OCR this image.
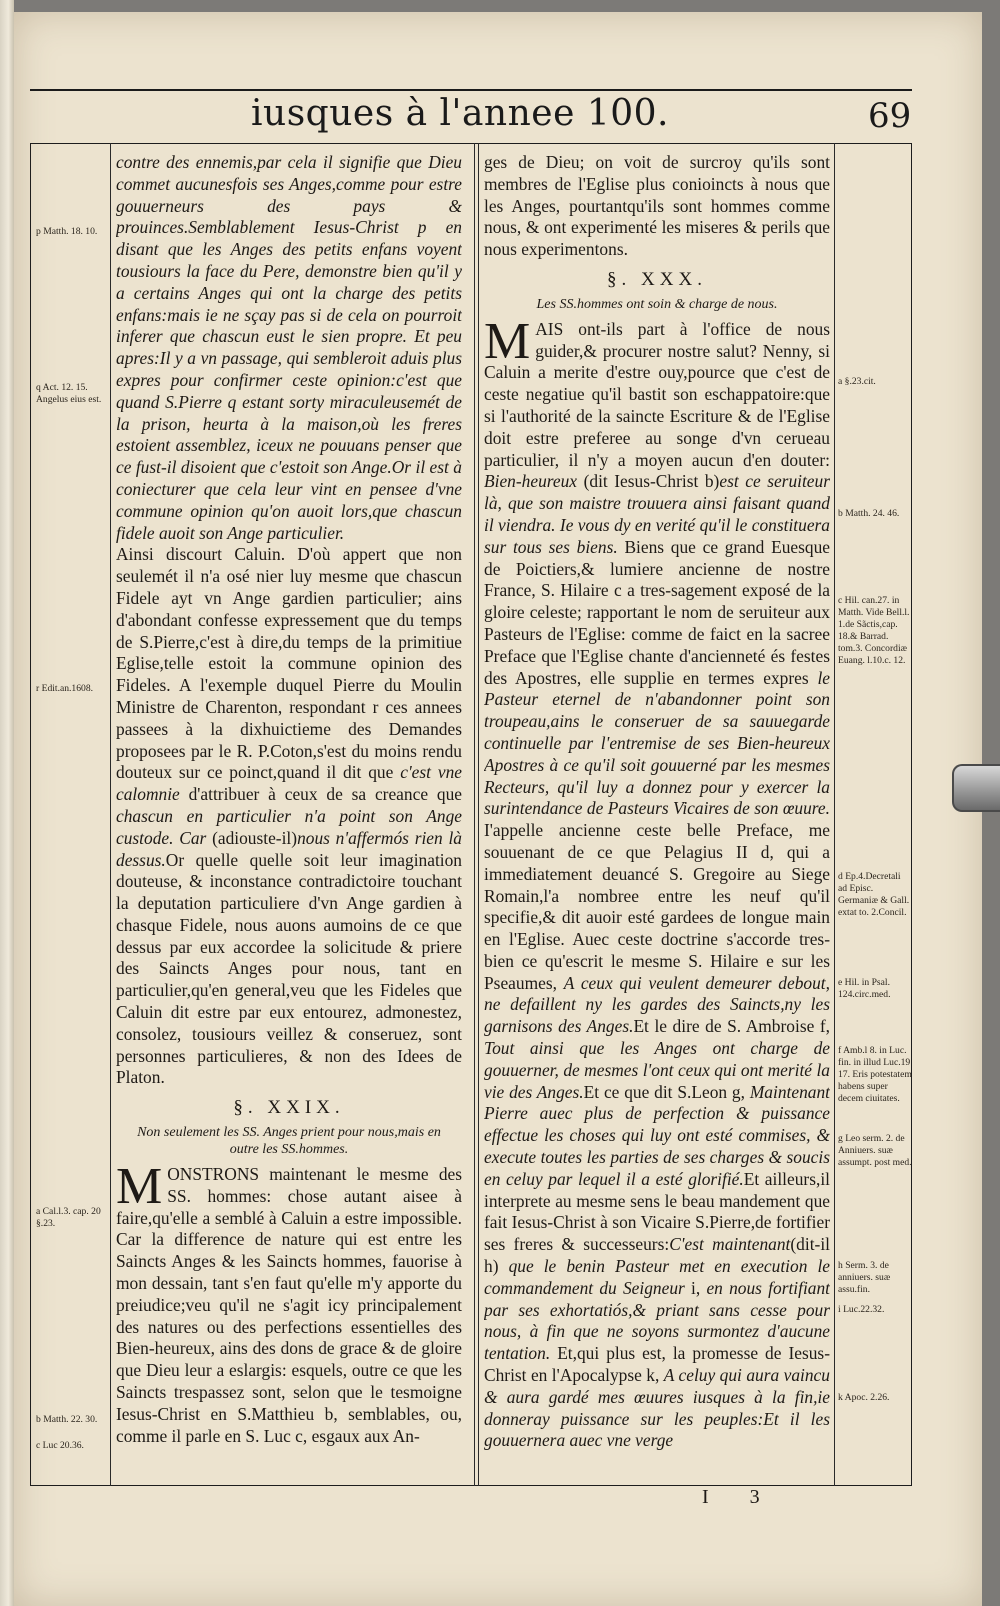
iusques à l'annee 100.	69

contre des ennemis,par cela il signifie que Dieu commet aucunesfois ses Anges,comme pour estre gouuerneurs des pays & prouinces.Semblablement Iesus-Christ p en disant que les Anges des petits enfans voyent tousiours la face du Pere, demonstre bien qu'il y a certains Anges qui ont la charge des petits enfans:mais ie ne sçay pas si de cela on pourroit inferer que chascun eust le sien propre. Et peu apres:Il y a vn passage, qui sembleroit aduis plus expres pour confirmer ceste opinion:c'est que quand S.Pierre q estant sorty miraculeusemét de la prison, heurta à la maison,où les freres estoient assemblez, iceux ne pouuans penser que ce fust-il disoient que c'estoit son Ange.Or il est à coniecturer que cela leur vint en pensee d'vne commune opinion qu'on auoit lors,que chascun fidele auoit son Ange particulier.

Ainsi discourt Caluin. D'où appert que non seulemét il n'a osé nier luy mesme que chascun Fidele ayt vn Ange gardien particulier; ains d'abondant confesse expressement que du temps de S.Pierre,c'est à dire,du temps de la primitiue Eglise,telle estoit la commune opinion des Fideles. A l'exemple duquel Pierre du Moulin Ministre de Charenton, respondant r ces annees passees à la dixhuictieme des Demandes proposees par le R. P.Coton,s'est du moins rendu douteux sur ce poinct,quand il dit que c'est vne calomnie d'attribuer à ceux de sa creance que chascun en particulier n'a point son Ange custode. Car (adiouste-il)nous n'affermós rien là dessus.Or quelle quelle soit leur imagination douteuse, & inconstance contradictoire touchant la deputation particuliere d'vn Ange gardien à chasque Fidele, nous auons aumoins de ce que dessus par eux accordee la solicitude & priere des Saincts Anges pour nous, tant en particulier,qu'en general,veu que les Fideles que Caluin dit estre par eux entourez, admonestez, consolez, tousiours veillez & conseruez, sont personnes particulieres, & non des Idees de Platon.

§. XXIX.
Non seulement les SS. Anges prient pour nous,mais en outre les SS.hommes.

MONSTRONS maintenant le mesme des SS. hommes: chose autant aisee à faire,qu'elle a semblé à Caluin a estre impossible. Car la difference de nature qui est entre les Saincts Anges & les Saincts hommes, fauorise à mon dessain, tant s'en faut qu'elle m'y apporte du preiudice;veu qu'il ne s'agit icy principalement des natures ou des perfections essentielles des Bien-heureux, ains des dons de grace & de gloire que Dieu leur a eslargis: esquels, outre ce que les Saincts trespassez sont, selon que le tesmoigne Iesus-Christ en S.Matthieu b, semblables, ou, comme il parle en S. Luc c, esgaux aux An-

ges de Dieu; on voit de surcroy qu'ils sont membres de l'Eglise plus conioincts à nous que les Anges, pourtantqu'ils sont hommes comme nous, & ont experimenté les miseres & perils que nous experimentons.

§. XXX.
Les SS.hommes ont soin & charge de nous.

MAIS ont-ils part à l'office de nous guider,& procurer nostre salut? Nenny, si Caluin a merite d'estre ouy,pource que c'est de ceste negatiue qu'il bastit son eschappatoire:que si l'authorité de la saincte Escriture & de l'Eglise doit estre preferee au songe d'vn cerueau particulier, il n'y a moyen aucun d'en douter: Bien-heureux (dit Iesus-Christ b)est ce seruiteur là, que son maistre trouuera ainsi faisant quand il viendra. Ie vous dy en verité qu'il le constituera sur tous ses biens. Biens que ce grand Euesque de Poictiers,& lumiere ancienne de nostre France, S. Hilaire c a tres-sagement exposé de la gloire celeste; rapportant le nom de seruiteur aux Pasteurs de l'Eglise: comme de faict en la sacree Preface que l'Eglise chante d'ancienneté és festes des Apostres, elle supplie en termes expres le Pasteur eternel de n'abandonner point son troupeau,ains le conseruer de sa sauuegarde continuelle par l'entremise de ses Bien-heureux Apostres à ce qu'il soit gouuerné par les mesmes Recteurs, qu'il luy a donnez pour y exercer la surintendance de Pasteurs Vicaires de son œuure. I'appelle ancienne ceste belle Preface, me souuenant de ce que Pelagius II d, qui a immediatement deuancé S. Gregoire au Siege Romain,l'a nombree entre les neuf qu'il specifie,& dit auoir esté gardees de longue main en l'Eglise. Auec ceste doctrine s'accorde tres-bien ce qu'escrit le mesme S. Hilaire e sur les Pseaumes, A ceux qui veulent demeurer debout, ne defaillent ny les gardes des Saincts,ny les garnisons des Anges.Et le dire de S. Ambroise f, Tout ainsi que les Anges ont charge de gouuerner, de mesmes l'ont ceux qui ont merité la vie des Anges.Et ce que dit S.Leon g, Maintenant Pierre auec plus de perfection & puissance effectue les choses qui luy ont esté commises, & execute toutes les parties de ses charges & soucis en celuy par lequel il a esté glorifié.Et ailleurs,il interprete au mesme sens le beau mandement que fait Iesus-Christ à son Vicaire S.Pierre,de fortifier ses freres & successeurs:C'est maintenant(dit-il h) que le benin Pasteur met en execution le commandement du Seigneur i, en nous fortifiant par ses exhortatiós,& priant sans cesse pour nous, à fin que ne soyons surmontez d'aucune tentation. Et,qui plus est, la promesse de Iesus-Christ en l'Apocalypse k, A celuy qui aura vaincu & aura gardé mes œuures iusques à la fin,ie donneray puissance sur les peuples:Et il les gouuernera auec vne verge

p Matth. 18. 10.
q Act. 12. 15. Angelus eius est.
r Edit.an.1608.
a Cal.l.3. cap. 20 §.23.
b Matth. 22. 30.
c Luc 20.36.
a §.23.cit.
b Matth. 24. 46.
c Hil. can.27. in Matth. Vide Bell.l. 1.de Sãctis,cap. 18.& Barrad. tom.3. Concordiæ Euang. l.10.c. 12.
d Ep.4.Decretali ad Episc. Germaniæ & Gall. extat to. 2.Concil.
e Hil. in Psal. 124.circ.med.
f Amb.l 8. in Luc. fin. in illud Luc.19 17. Eris potestatem habens super decem ciuitates.
g Leo serm. 2. de Anniuers. suæ assumpt. post med.
h Serm. 3. de anniuers. suæ assu.fin.
i Luc.22.32.
k Apoc. 2.26.
I 3
